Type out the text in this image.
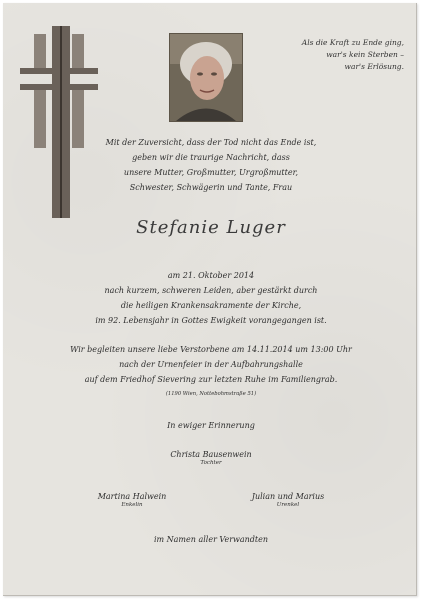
Als die Kraft zu Ende ging,
war's kein Sterben –
war's Erlösung.
Mit der Zuversicht, dass der Tod nicht das Ende ist,
geben wir die traurige Nachricht, dass
unsere Mutter, Großmutter, Urgroßmutter,
Schwester, Schwägerin und Tante, Frau
Stefanie Luger
am 21. Oktober 2014
nach kurzem, schweren Leiden, aber gestärkt durch
die heiligen Krankensakramente der Kirche,
im 92. Lebensjahr in Gottes Ewigkeit vorangegangen ist.
Wir begleiten unsere liebe Verstorbene am 14.11.2014 um 13:00 Uhr
nach der Urnenfeier in der Aufbahrungshalle
auf dem Friedhof Sievering zur letzten Ruhe im Familiengrab.
(1190 Wien, Nottebohmstraße 51)
In ewiger Erinnerung
Christa Bausenwein
Tochter
Martina Halwein
Enkelin
Julian und Marius
Urenkel
im Namen aller Verwandten
